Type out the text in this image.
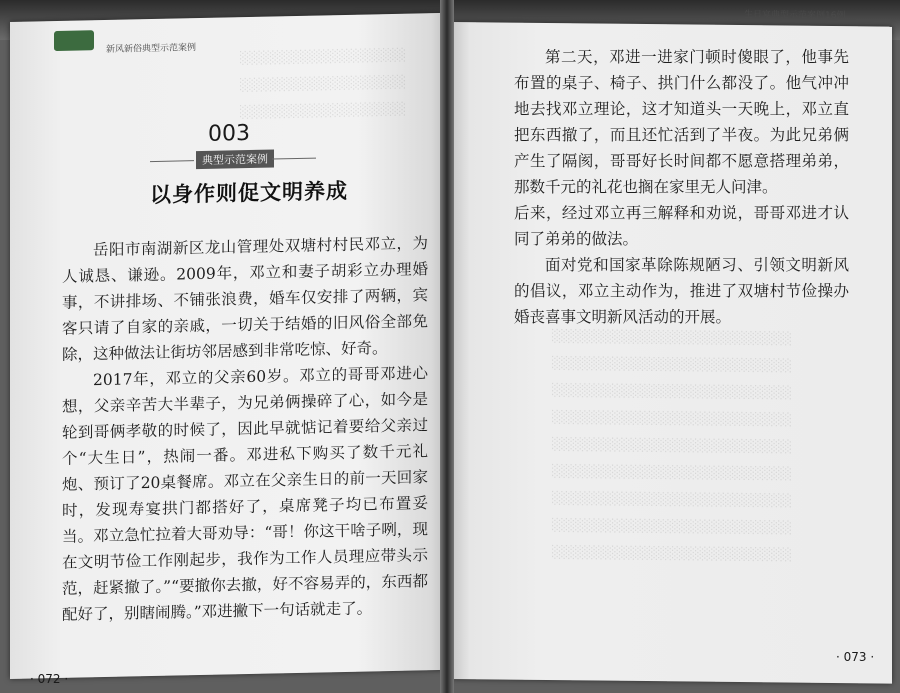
新风新俗典型示范案例
003
典型示范案例
以身作则促文明养成
░░░░░░░░░░░░░░░░░░
░░░░░░░░░░░░░░░░░░
░░░░░░░░░░░░░░░░░░
生日宴典型示范案例16例
░░░░░░░░░░░░░░░░░░░░░░░░░░
░░░░░░░░░░░░░░░░░░░░░░░░░░
░░░░░░░░░░░░░░░░░░░░░░░░░░
░░░░░░░░░░░░░░░░░░░░░░░░░░
░░░░░░░░░░░░░░░░░░░░░░░░░░
░░░░░░░░░░░░░░░░░░░░░░░░░░
░░░░░░░░░░░░░░░░░░░░░░░░░░
░░░░░░░░░░░░░░░░░░░░░░░░░░
░░░░░░░░░░░░░░░░░░░░░░░░░░

岳阳市南湖新区龙山管理处双塘村村民邓立，为人诚恳、谦逊。2009年，邓立和妻子胡彩立办理婚事，不讲排场、不铺张浪费，婚车仅安排了两辆，宾客只请了自家的亲戚，一切关于结婚的旧风俗全部免除，这种做法让街坊邻居感到非常吃惊、好奇。

2017年，邓立的父亲60岁。邓立的哥哥邓进心想，父亲辛苦大半辈子，为兄弟俩操碎了心，如今是轮到哥俩孝敬的时候了，因此早就惦记着要给父亲过个“大生日”，热闹一番。邓进私下购买了数千元礼炮、预订了20桌餐席。邓立在父亲生日的前一天回家时，发现寿宴拱门都搭好了，桌席凳子均已布置妥当。邓立急忙拉着大哥劝导：“哥！你这干啥子咧，现在文明节俭工作刚起步，我作为工作人员理应带头示范，赶紧撤了。”“要撤你去撤，好不容易弄的，东西都配好了，别瞎闹腾。”邓进撇下一句话就走了。

第二天，邓进一进家门顿时傻眼了，他事先布置的桌子、椅子、拱门什么都没了。他气冲冲地去找邓立理论，这才知道头一天晚上，邓立直把东西撤了，而且还忙活到了半夜。为此兄弟俩产生了隔阂，哥哥好长时间都不愿意搭理弟弟，那数千元的礼花也搁在家里无人问津。

后来，经过邓立再三解释和劝说，哥哥邓进才认同了弟弟的做法。

面对党和国家革除陈规陋习、引领文明新风的倡议，邓立主动作为，推进了双塘村节俭操办婚丧喜事文明新风活动的开展。

· 072 ·
· 073 ·
